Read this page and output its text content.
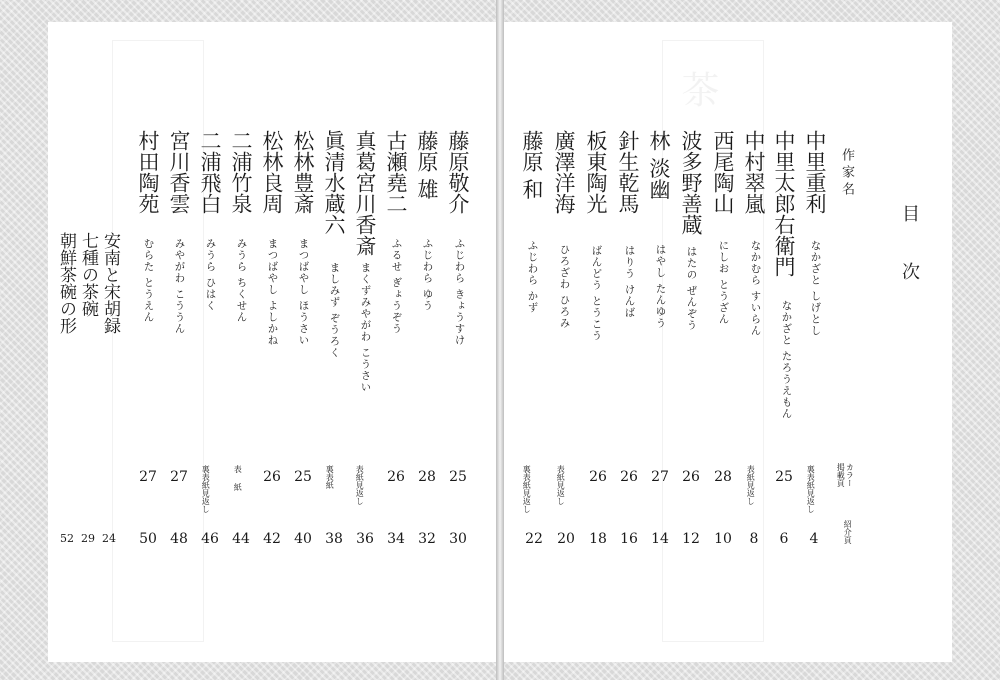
茶
目次
作家名
カラー
掲載頁
紹介頁
中里重利
なかざと しげとし
裏表紙見返し
4
中里太郎右衛門
なかざと たろうえもん
25
6
中村翠嵐
なかむら すいらん
表紙見返し
8
西尾陶山
にしお とうざん
28
10
波多野善蔵
はたの ぜんぞう
26
12
林 淡幽
はやし たんゆう
27
14
針生乾馬
はりう けんば
26
16
板東陶光
ばんどう とうこう
26
18
廣澤洋海
ひろざわ ひろみ
表紙見返し
20
藤原 和
ふじわら かず
裏表紙見返し
22
藤原敬介
ふじわら きょうすけ
25
30
藤原 雄
ふじわら ゆう
28
32
古瀬堯二
ふるせ ぎょうぞう
26
34
真葛宮川香斎
まくずみやがわ こうさい
表紙見返し
36
眞清水蔵六
ましみず ぞうろく
裏表紙
38
松林豊斎
まつばやし ほうさい
25
40
松林良周
まつばやし よしかね
26
42
二浦竹泉
みうら ちくせん
表紙
44
二浦飛白
みうら ひはく
裏表紙見返し
46
宮川香雲
みやがわ こううん
27
48
村田陶苑
むらた とうえん
27
50
安南と宋胡録
24
七種の茶碗
29
朝鮮茶碗の形
52
